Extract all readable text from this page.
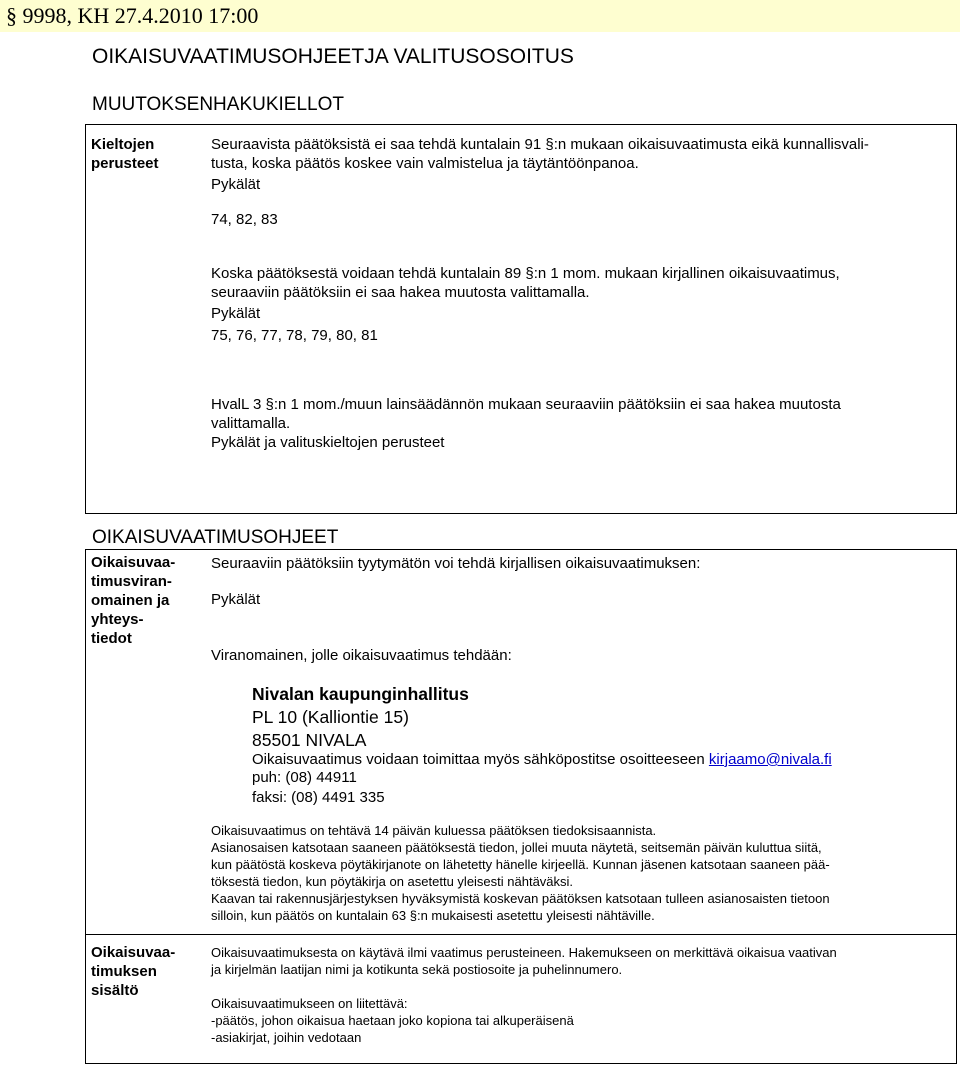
§ 9998, KH 27.4.2010 17:00
OIKAISUVAATIMUSOHJEETJA VALITUSOSOITUS
MUUTOKSENHAKUKIELLOT
Kieltojen
perusteet
Seuraavista päätöksistä ei saa tehdä kuntalain 91 §:n mukaan oikaisuvaatimusta eikä kunnallisvali-
tusta, koska päätös koskee vain valmistelua ja täytäntöönpanoa.
Pykälät
74, 82, 83
Koska päätöksestä voidaan tehdä kuntalain 89 §:n 1 mom. mukaan kirjallinen oikaisuvaatimus,
seuraaviin päätöksiin ei saa hakea muutosta valittamalla.
Pykälät
75, 76, 77, 78, 79, 80, 81
HvalL 3 §:n 1 mom./muun lainsäädännön mukaan seuraaviin päätöksiin ei saa hakea muutosta
valittamalla.
Pykälät ja valituskieltojen perusteet
OIKAISUVAATIMUSOHJEET
Oikaisuvaa-
timusviran-
omainen ja
yhteys-
tiedot
Seuraaviin päätöksiin tyytymätön voi tehdä kirjallisen oikaisuvaatimuksen:
Pykälät
Viranomainen, jolle oikaisuvaatimus tehdään:
Nivalan kaupunginhallitus
PL 10 (Kalliontie 15)
85501 NIVALA
Oikaisuvaatimus voidaan toimittaa myös sähköpostitse osoitteeseen kirjaamo@nivala.fi
puh: (08) 44911
faksi: (08) 4491 335
Oikaisuvaatimus on tehtävä 14 päivän kuluessa päätöksen tiedoksisaannista.
Asianosaisen katsotaan saaneen päätöksestä tiedon, jollei muuta näytetä, seitsemän päivän kuluttua siitä,
kun päätöstä koskeva pöytäkirjanote on lähetetty hänelle kirjeellä. Kunnan jäsenen katsotaan saaneen pää-
töksestä tiedon, kun pöytäkirja on asetettu yleisesti nähtäväksi.
Kaavan tai rakennusjärjestyksen hyväksymistä koskevan päätöksen katsotaan tulleen asianosaisten tietoon
silloin, kun päätös on kuntalain 63 §:n mukaisesti asetettu yleisesti nähtäville.
Oikaisuvaa-
timuksen
sisältö
Oikaisuvaatimuksesta on käytävä ilmi vaatimus perusteineen. Hakemukseen on merkittävä oikaisua vaativan
ja kirjelmän laatijan nimi ja kotikunta sekä postiosoite ja puhelinnumero.
Oikaisuvaatimukseen on liitettävä:
-päätös, johon oikaisua haetaan joko kopiona tai alkuperäisenä
-asiakirjat, joihin vedotaan
